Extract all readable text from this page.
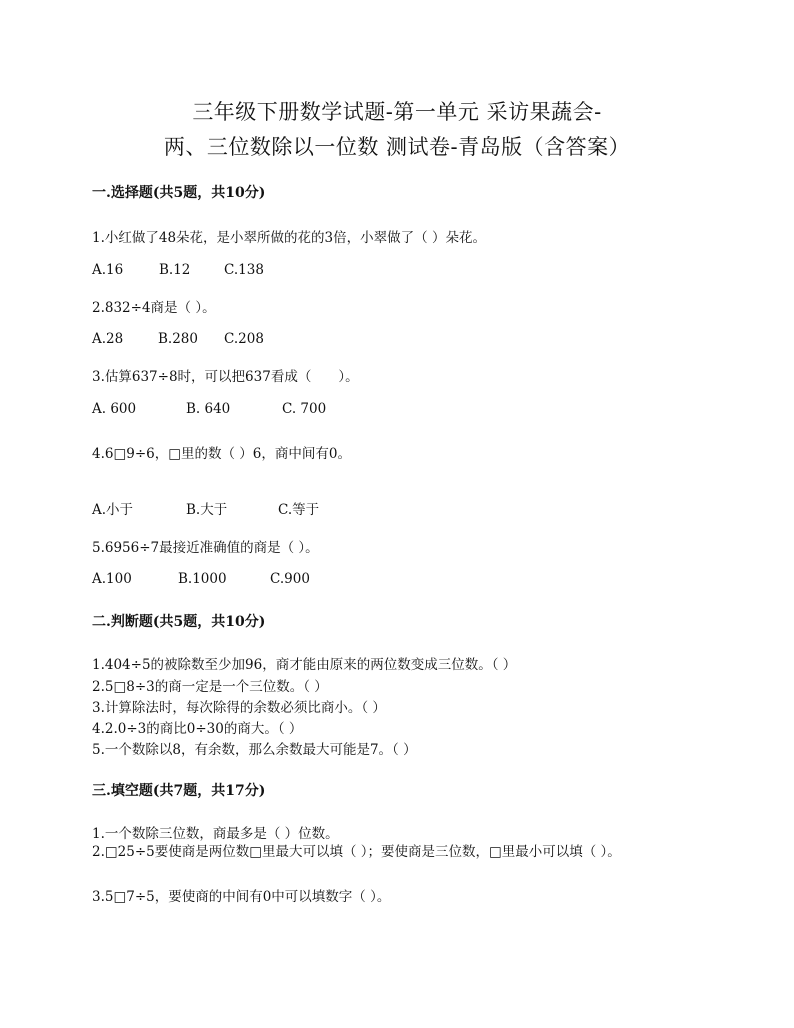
三年级下册数学试题-第一单元 采访果蔬会-
两、三位数除以一位数 测试卷-青岛版（含答案）
一.选择题(共5题，共10分)
1.小红做了48朵花，是小翠所做的花的3倍，小翠做了（ ）朵花。
A.16	B.12 C.138
2.832÷4商是（ ）。
A.28	B.280 C.208
3.估算637÷8时，可以把637看成（　　）。
A. 600	B. 640	C. 700
4.6□9÷6，□里的数（ ）6，商中间有0。
A.小于	B.大于	C.等于
5.6956÷7最接近准确值的商是（ ）。
A.100	B.1000	C.900
二.判断题(共5题，共10分)
1.404÷5的被除数至少加96，商才能由原来的两位数变成三位数。（ ）
2.5□8÷3的商一定是一个三位数。（ ）
3.计算除法时，每次除得的余数必须比商小。（ ）
4.2.0÷3的商比0÷30的商大。（ ）
5.一个数除以8，有余数，那么余数最大可能是7。（ ）
三.填空题(共7题，共17分)
1.一个数除三位数，商最多是（ ）位数。
2.□25÷5要使商是两位数□里最大可以填（ ）；要使商是三位数，□里最小可以填（ ）。
3.5□7÷5，要使商的中间有0中可以填数字（ ）。
